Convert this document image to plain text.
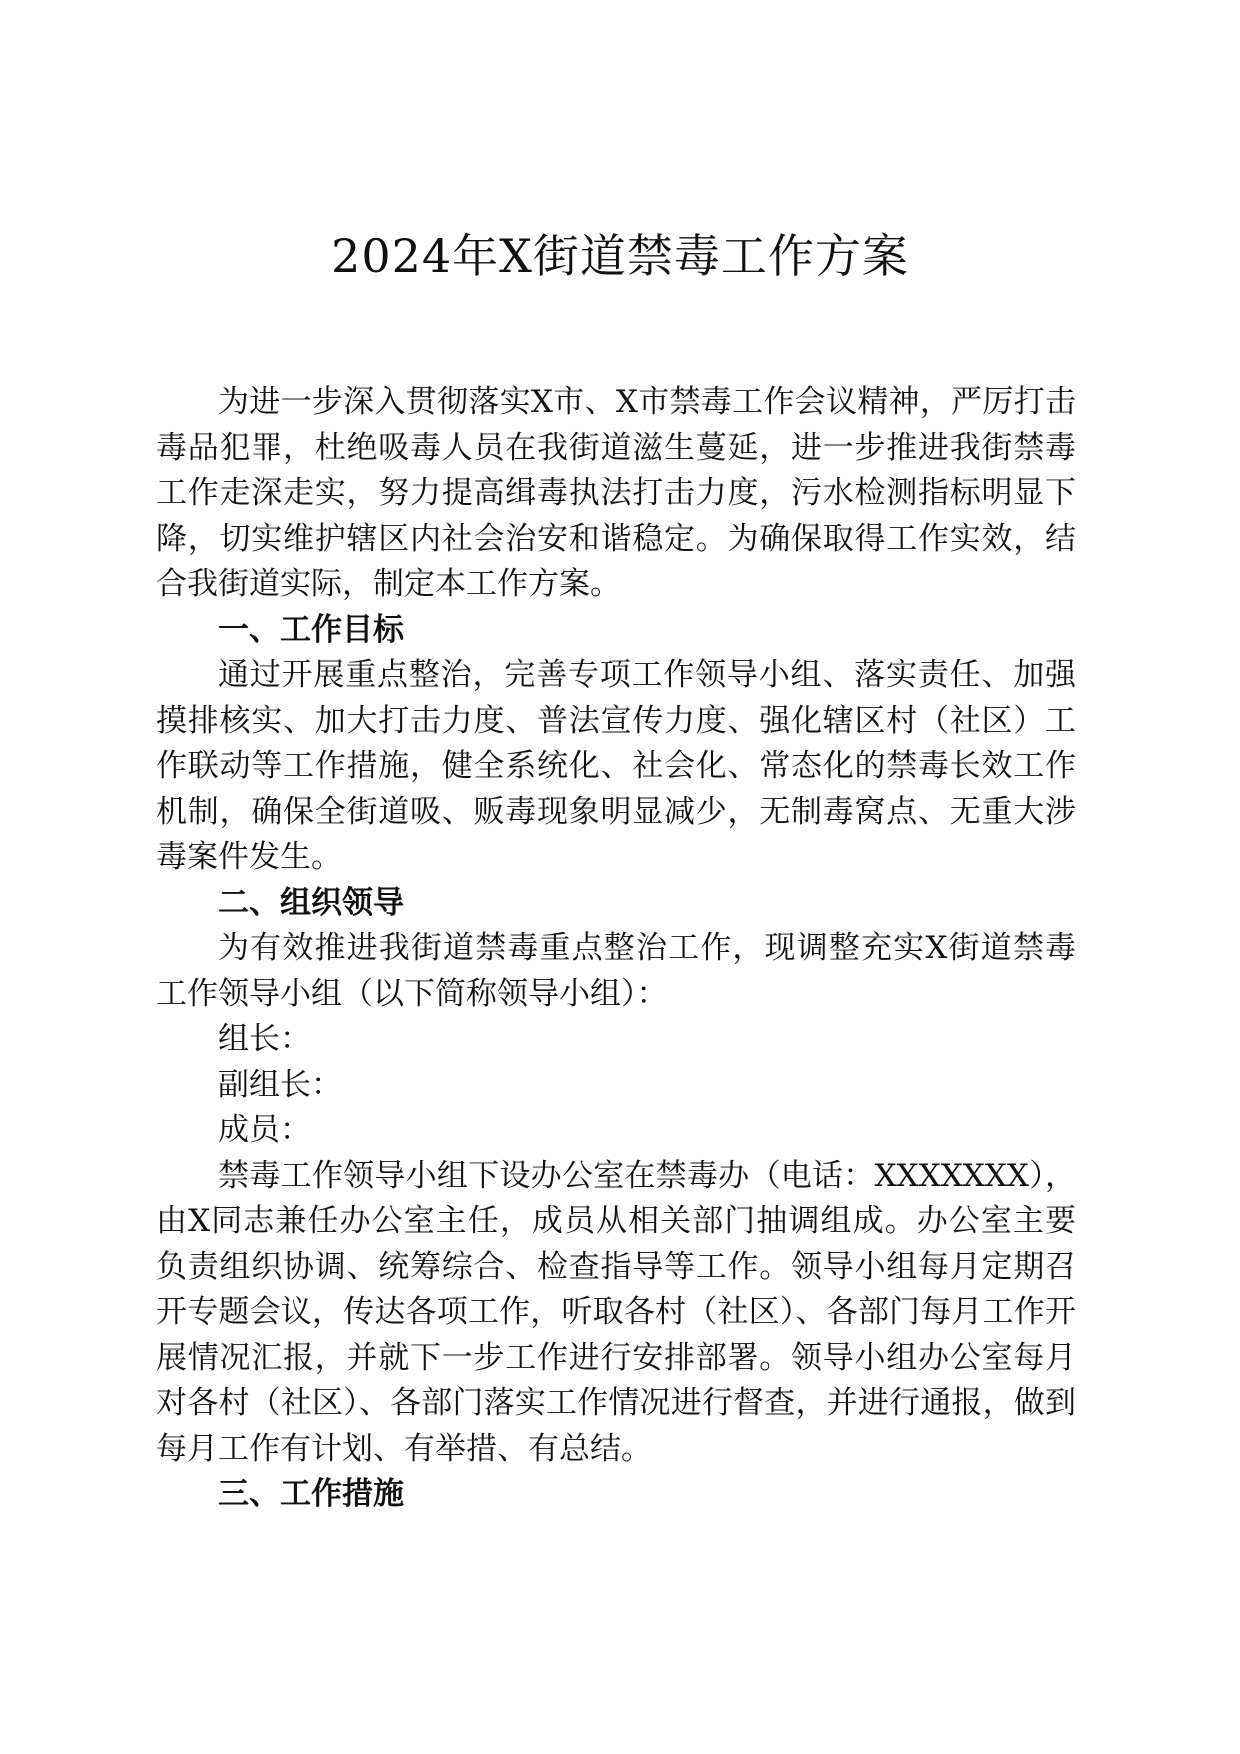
2024年X街道禁毒工作方案

为进一步深入贯彻落实X市、X市禁毒工作会议精神，严厉打击毒品犯罪，杜绝吸毒人员在我街道滋生蔓延，进一步推进我街禁毒工作走深走实，努力提高缉毒执法打击力度，污水检测指标明显下降，切实维护辖区内社会治安和谐稳定。为确保取得工作实效，结合我街道实际，制定本工作方案。

一、工作目标

通过开展重点整治，完善专项工作领导小组、落实责任、加强摸排核实、加大打击力度、普法宣传力度、强化辖区村（社区）工作联动等工作措施，健全系统化、社会化、常态化的禁毒长效工作机制，确保全街道吸、贩毒现象明显减少，无制毒窝点、无重大涉毒案件发生。

二、组织领导

为有效推进我街道禁毒重点整治工作，现调整充实X街道禁毒工作领导小组（以下简称领导小组）：

组长：

副组长：

成员：

禁毒工作领导小组下设办公室在禁毒办（电话：XXXXXXX），由X同志兼任办公室主任，成员从相关部门抽调组成。办公室主要负责组织协调、统筹综合、检查指导等工作。领导小组每月定期召开专题会议，传达各项工作，听取各村（社区）、各部门每月工作开展情况汇报，并就下一步工作进行安排部署。领导小组办公室每月对各村（社区）、各部门落实工作情况进行督查，并进行通报，做到每月工作有计划、有举措、有总结。

三、工作措施
